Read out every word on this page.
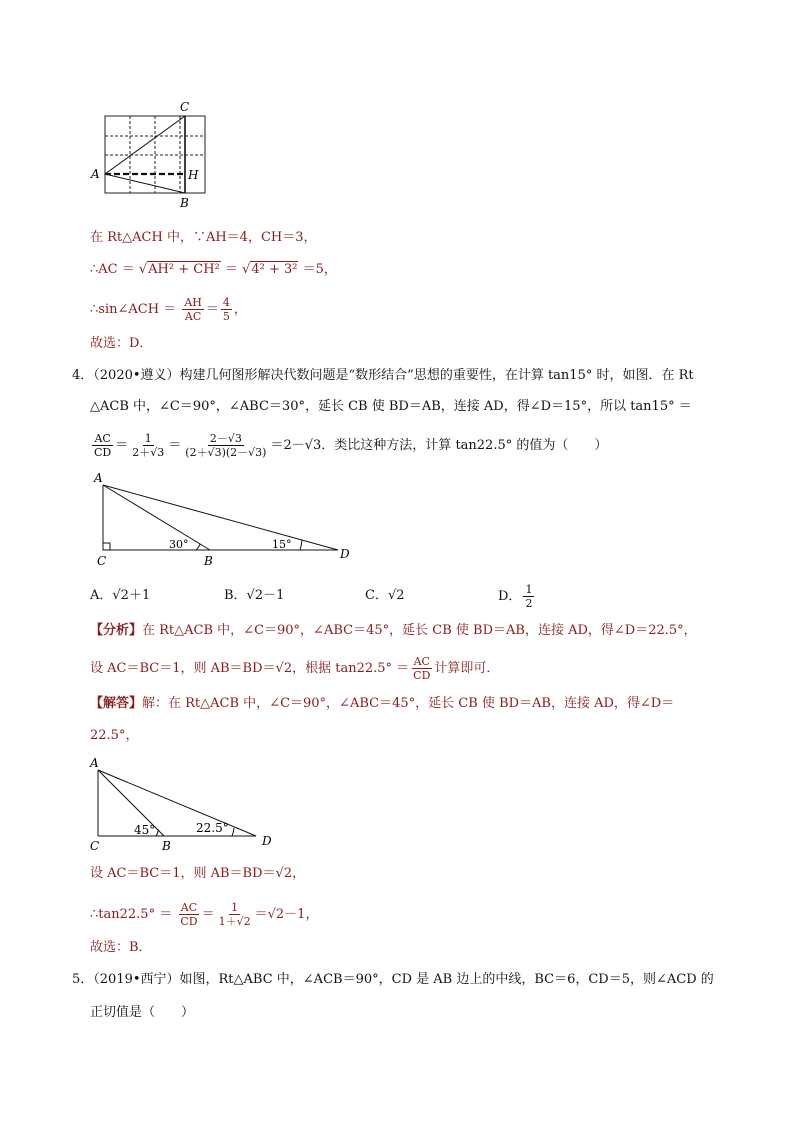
C
A	H
B
在 Rt△ACH 中，∵AH＝4，CH＝3，
∴AC ＝ √AH² + CH² ＝ √4² + 3² ＝5，
∴sin∠ACH ＝ $\frac{AH}{AC} = \frac{4}{5}$ ，
故选：D．
4．（2020•遵义）构建几何图形解决代数问题是“数形结合”思想的重要性，在计算 tan15° 时，如图．在 Rt
△ACB 中，∠C＝90°，∠ABC＝30°，延长 CB 使 BD＝AB，连接 AD，得∠D＝15°，所以 tan15° ＝
$\frac{AC}{CD} = \frac{1}{2+√3} = \frac{2-√3}{(2+√3)(2-√3)} =2-√3$．类比这种方法，计算 tan22.5° 的值为（　　）
A
C	B	D
30°	15°
A．√2＋1	B．√2－1	C．√2	D． $\frac{1}{2}$
【分析】在 Rt△ACB 中，∠C＝90°，∠ABC＝45°，延长 CB 使 BD＝AB，连接 AD，得∠D＝22.5°，
设 AC＝BC＝1，则 AB＝BD＝√2，根据 $\tan 22.5^\circ = \frac{AC}{CD}$ 计算即可．
【解答】解：在 Rt△ACB 中，∠C＝90°，∠ABC＝45°，延长 CB 使 BD＝AB，连接 AD，得∠D＝
22.5°，
A
C	B	D
45°	22.5°
设 AC＝BC＝1，则 AB＝BD＝√2，
∴tan22.5° ＝ $\frac{AC}{CD} = \frac{1}{1+√2} =√2-1$，
故选：B．
5．（2019•西宁）如图，Rt△ABC 中，∠ACB＝90°，CD 是 AB 边上的中线，BC＝6，CD＝5，则∠ACD 的
正切值是（　　）
